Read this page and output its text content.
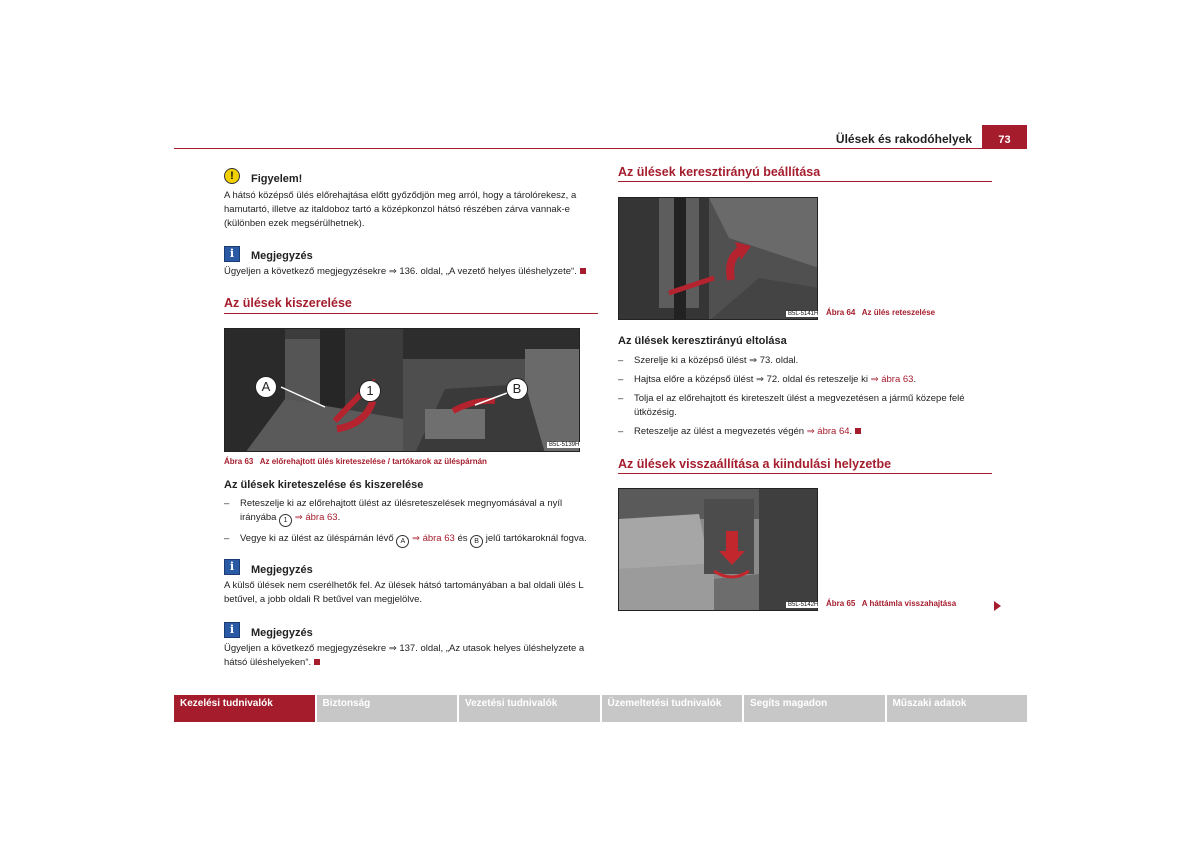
Ülések és rakodóhelyek	73
!	Figyelem!
A hátsó középső ülés előrehajtása előtt győződjön meg arról, hogy a tárolórekesz, a hamutartó, illetve az italdoboz tartó a középkonzol hátsó részében zárva vannak-e (különben ezek megsérülhetnek).
i	Megjegyzés
Ügyeljen a következő megjegyzésekre ⇒ 136. oldal, „A vezető helyes üléshelyzete“.
Az ülések kiszerelése
A	1	B
B5L-5139H
Ábra 63 Az előrehajtott ülés kireteszelése / tartókarok az üléspárnán
Az ülések kireteszelése és kiszerelése
– Reteszelje ki az előrehajtott ülést az ülésreteszelések megnyomásával a nyíl irányába 1 ⇒ ábra 63.
– Vegye ki az ülést az üléspárnán lévő A ⇒ ábra 63 és B jelű tartókaroknál fogva.
i	Megjegyzés
A külső ülések nem cserélhetők fel. Az ülések hátsó tartományában a bal oldali ülés L betűvel, a jobb oldali R betűvel van megjelölve.
i	Megjegyzés
Ügyeljen a következő megjegyzésekre ⇒ 137. oldal, „Az utasok helyes üléshelyzete a hátsó üléshelyeken“.
Az ülések keresztirányú beállítása
B5L-5141H Ábra 64 Az ülés reteszelése
Az ülések keresztirányú eltolása
– Szerelje ki a középső ülést ⇒ 73. oldal.
– Hajtsa előre a középső ülést ⇒ 72. oldal és reteszelje ki ⇒ ábra 63.
– Tolja el az előrehajtott és kireteszelt ülést a megvezetésen a jármű közepe felé ütközésig.
– Reteszelje az ülést a megvezetés végén ⇒ ábra 64.
Az ülések visszaállítása a kiindulási helyzetbe
B5L-5142H Ábra 65 A háttámla visszahajtása
Kezelési tudnivalók	Biztonság	Vezetési tudnivalók	Üzemeltetési tudnivalók	Segíts magadon	Műszaki adatok
